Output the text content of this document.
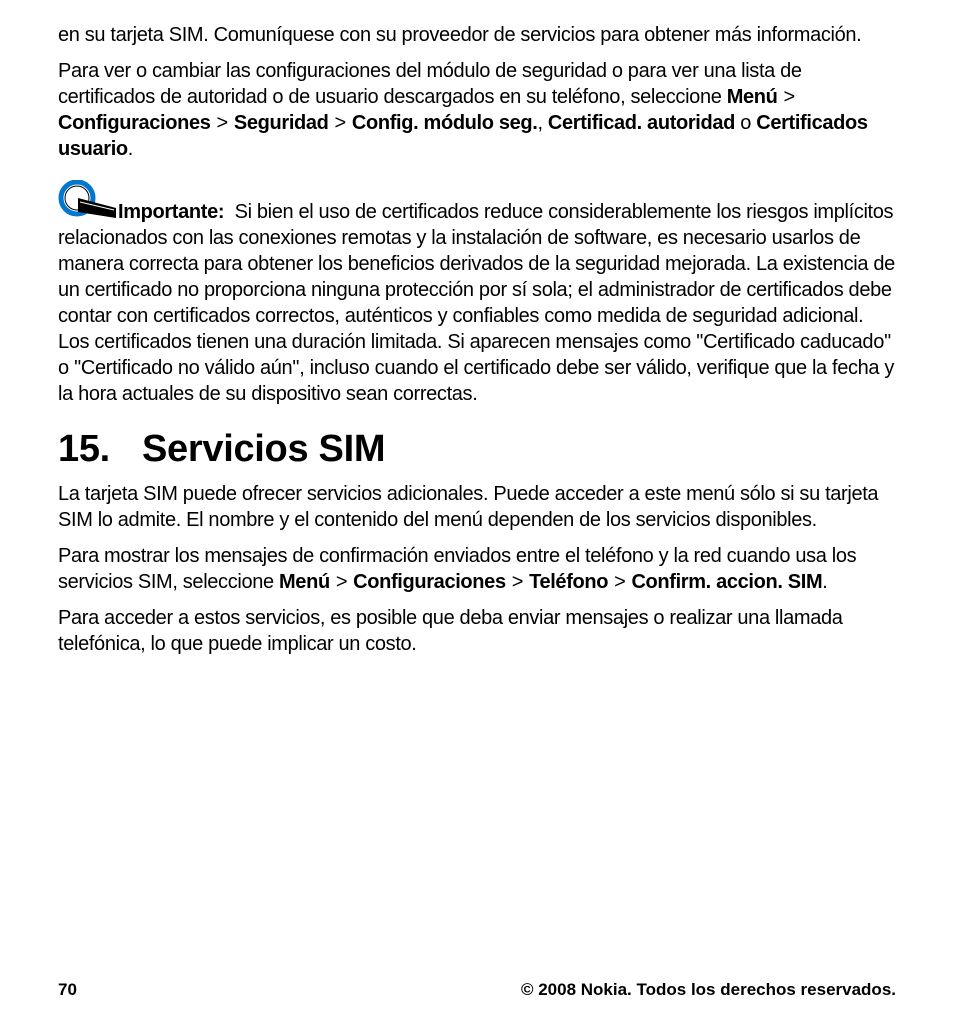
en su tarjeta SIM. Comuníquese con su proveedor de servicios para obtener más información.

Para ver o cambiar las configuraciones del módulo de seguridad o para ver una lista de certificados de autoridad o de usuario descargados en su teléfono, seleccione Menú >Configuraciones > Seguridad > Config. módulo seg., Certificad. autoridad o Certificados usuario.

Importante: Si bien el uso de certificados reduce considerablemente los riesgos implícitos relacionados con las conexiones remotas y la instalación de software, es necesario usarlos de manera correcta para obtener los beneficios derivados de la seguridad mejorada. La existencia de un certificado no proporciona ninguna protección por sí sola; el administrador de certificados debe contar con certificados correctos, auténticos y confiables como medida de seguridad adicional. Los certificados tienen una duración limitada. Si aparecen mensajes como ''Certificado caducado'' o ''Certificado no válido aún'', incluso cuando el certificado debe ser válido, verifique que la fecha y la hora actuales de su dispositivo sean correctas.

15. Servicios SIM

La tarjeta SIM puede ofrecer servicios adicionales. Puede acceder a este menú sólo si su tarjeta SIM lo admite. El nombre y el contenido del menú dependen de los servicios disponibles.

Para mostrar los mensajes de confirmación enviados entre el teléfono y la red cuando usa los servicios SIM, seleccione Menú > Configuraciones > Teléfono > Confirm. accion. SIM.

Para acceder a estos servicios, es posible que deba enviar mensajes o realizar una llamada telefónica, lo que puede implicar un costo.

70	© 2008 Nokia. Todos los derechos reservados.
